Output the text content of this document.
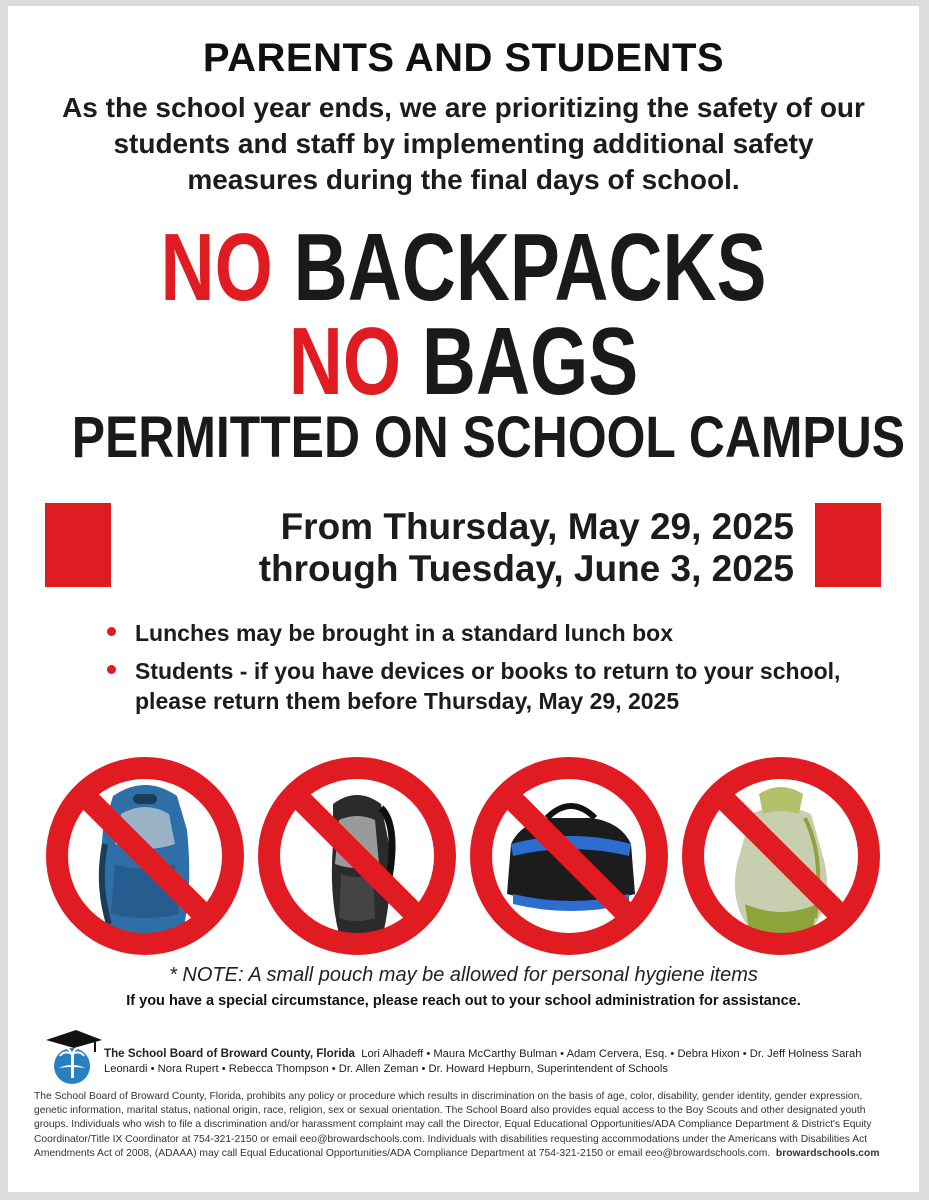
PARENTS AND STUDENTS
As the school year ends, we are prioritizing the safety of our students and staff by implementing additional safety measures during the final days of school.
NO BACKPACKS
NO BAGS
PERMITTED ON SCHOOL CAMPUS
From Thursday, May 29, 2025
through Tuesday, June 3, 2025
Lunches may be brought in a standard lunch box
Students - if you have devices or books to return to your school, please return them before Thursday, May 29, 2025
* NOTE: A small pouch may be allowed for personal hygiene items
If you have a special circumstance, please reach out to your school administration for assistance.
The School Board of Broward County, Florida Lori Alhadeff • Maura McCarthy Bulman • Adam Cervera, Esq. • Debra Hixon • Dr. Jeff Holness Sarah Leonardi • Nora Rupert • Rebecca Thompson • Dr. Allen Zeman • Dr. Howard Hepburn, Superintendent of Schools
The School Board of Broward County, Florida, prohibits any policy or procedure which results in discrimination on the basis of age, color, disability, gender identity, gender expression, genetic information, marital status, national origin, race, religion, sex or sexual orientation. The School Board also provides equal access to the Boy Scouts and other designated youth groups. Individuals who wish to file a discrimination and/or harassment complaint may call the Director, Equal Educational Opportunities/ADA Compliance Department & District's Equity Coordinator/Title IX Coordinator at 754-321-2150 or email eeo@browardschools.com. Individuals with disabilities requesting accommodations under the Americans with Disabilities Act Amendments Act of 2008, (ADAAA) may call Equal Educational Opportunities/ADA Compliance Department at 754-321-2150 or email eeo@browardschools.com. browardschools.com
